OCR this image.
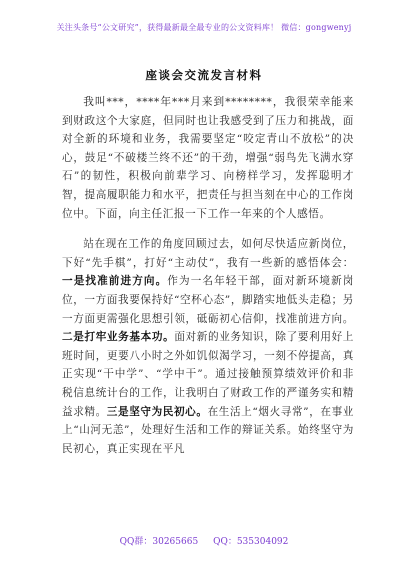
关注头条号“公文研究”，获得最新最全最专业的公文资料库！ 微信：gongwenyj
座谈会交流发言材料

我叫***，****年***月来到********，我很荣幸能来到财政这个大家庭，但同时也让我感受到了压力和挑战，面对全新的环境和业务，我需要坚定“咬定青山不放松”的决心，鼓足“不破楼兰终不还”的干劲，增强“弱鸟先飞满水穿石”的韧性，积极向前辈学习、向榜样学习，发挥聪明才智，提高履职能力和水平，把责任与担当刻在中心的工作岗位中。下面，向主任汇报一下工作一年来的个人感悟。

站在现在工作的角度回顾过去，如何尽快适应新岗位，下好“先手棋”，打好“主动仗”，我有一些新的感悟体会：一是找准前进方向。作为一名年轻干部，面对新环境新岗位，一方面我要保持好“空杯心态”，脚踏实地低头走稳；另一方面更需强化思想引领，砥砺初心信仰，找准前进方向。二是打牢业务基本功。面对新的业务知识，除了要利用好上班时间，更要八小时之外如饥似渴学习，一刻不停提高，真正实现“干中学”、“学中干”。通过接触预算绩效评价和非税信息统计台的工作，让我明白了财政工作的严谨务实和精益求精。三是坚守为民初心。在生活上“烟火寻常”，在事业上“山河无恙”，处理好生活和工作的辩证关系。始终坚守为民初心，真正实现在平凡

QQ群：30265665 QQ：535304092
